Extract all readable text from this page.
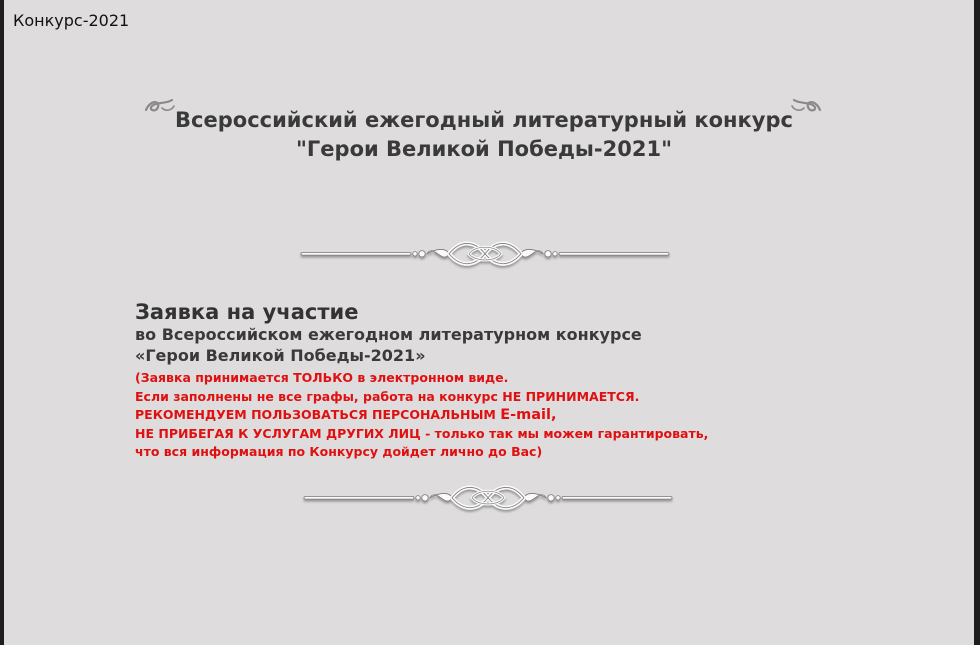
Конкурс-2021
Всероссийский ежегодный литературный конкурс
"Герои Великой Победы-2021"
Заявка на участие
во Всероссийском ежегодном литературном конкурсе
«Герои Великой Победы-2021»
(Заявка принимается ТОЛЬКО в электронном виде.
Если заполнены не все графы, работа на конкурс НЕ ПРИНИМАЕТСЯ.
РЕКОМЕНДУЕМ ПОЛЬЗОВАТЬСЯ ПЕРСОНАЛЬНЫМ E-mail,
НЕ ПРИБЕГАЯ К УСЛУГАМ ДРУГИХ ЛИЦ - только так мы можем гарантировать,
что вся информация по Конкурсу дойдет лично до Вас)
